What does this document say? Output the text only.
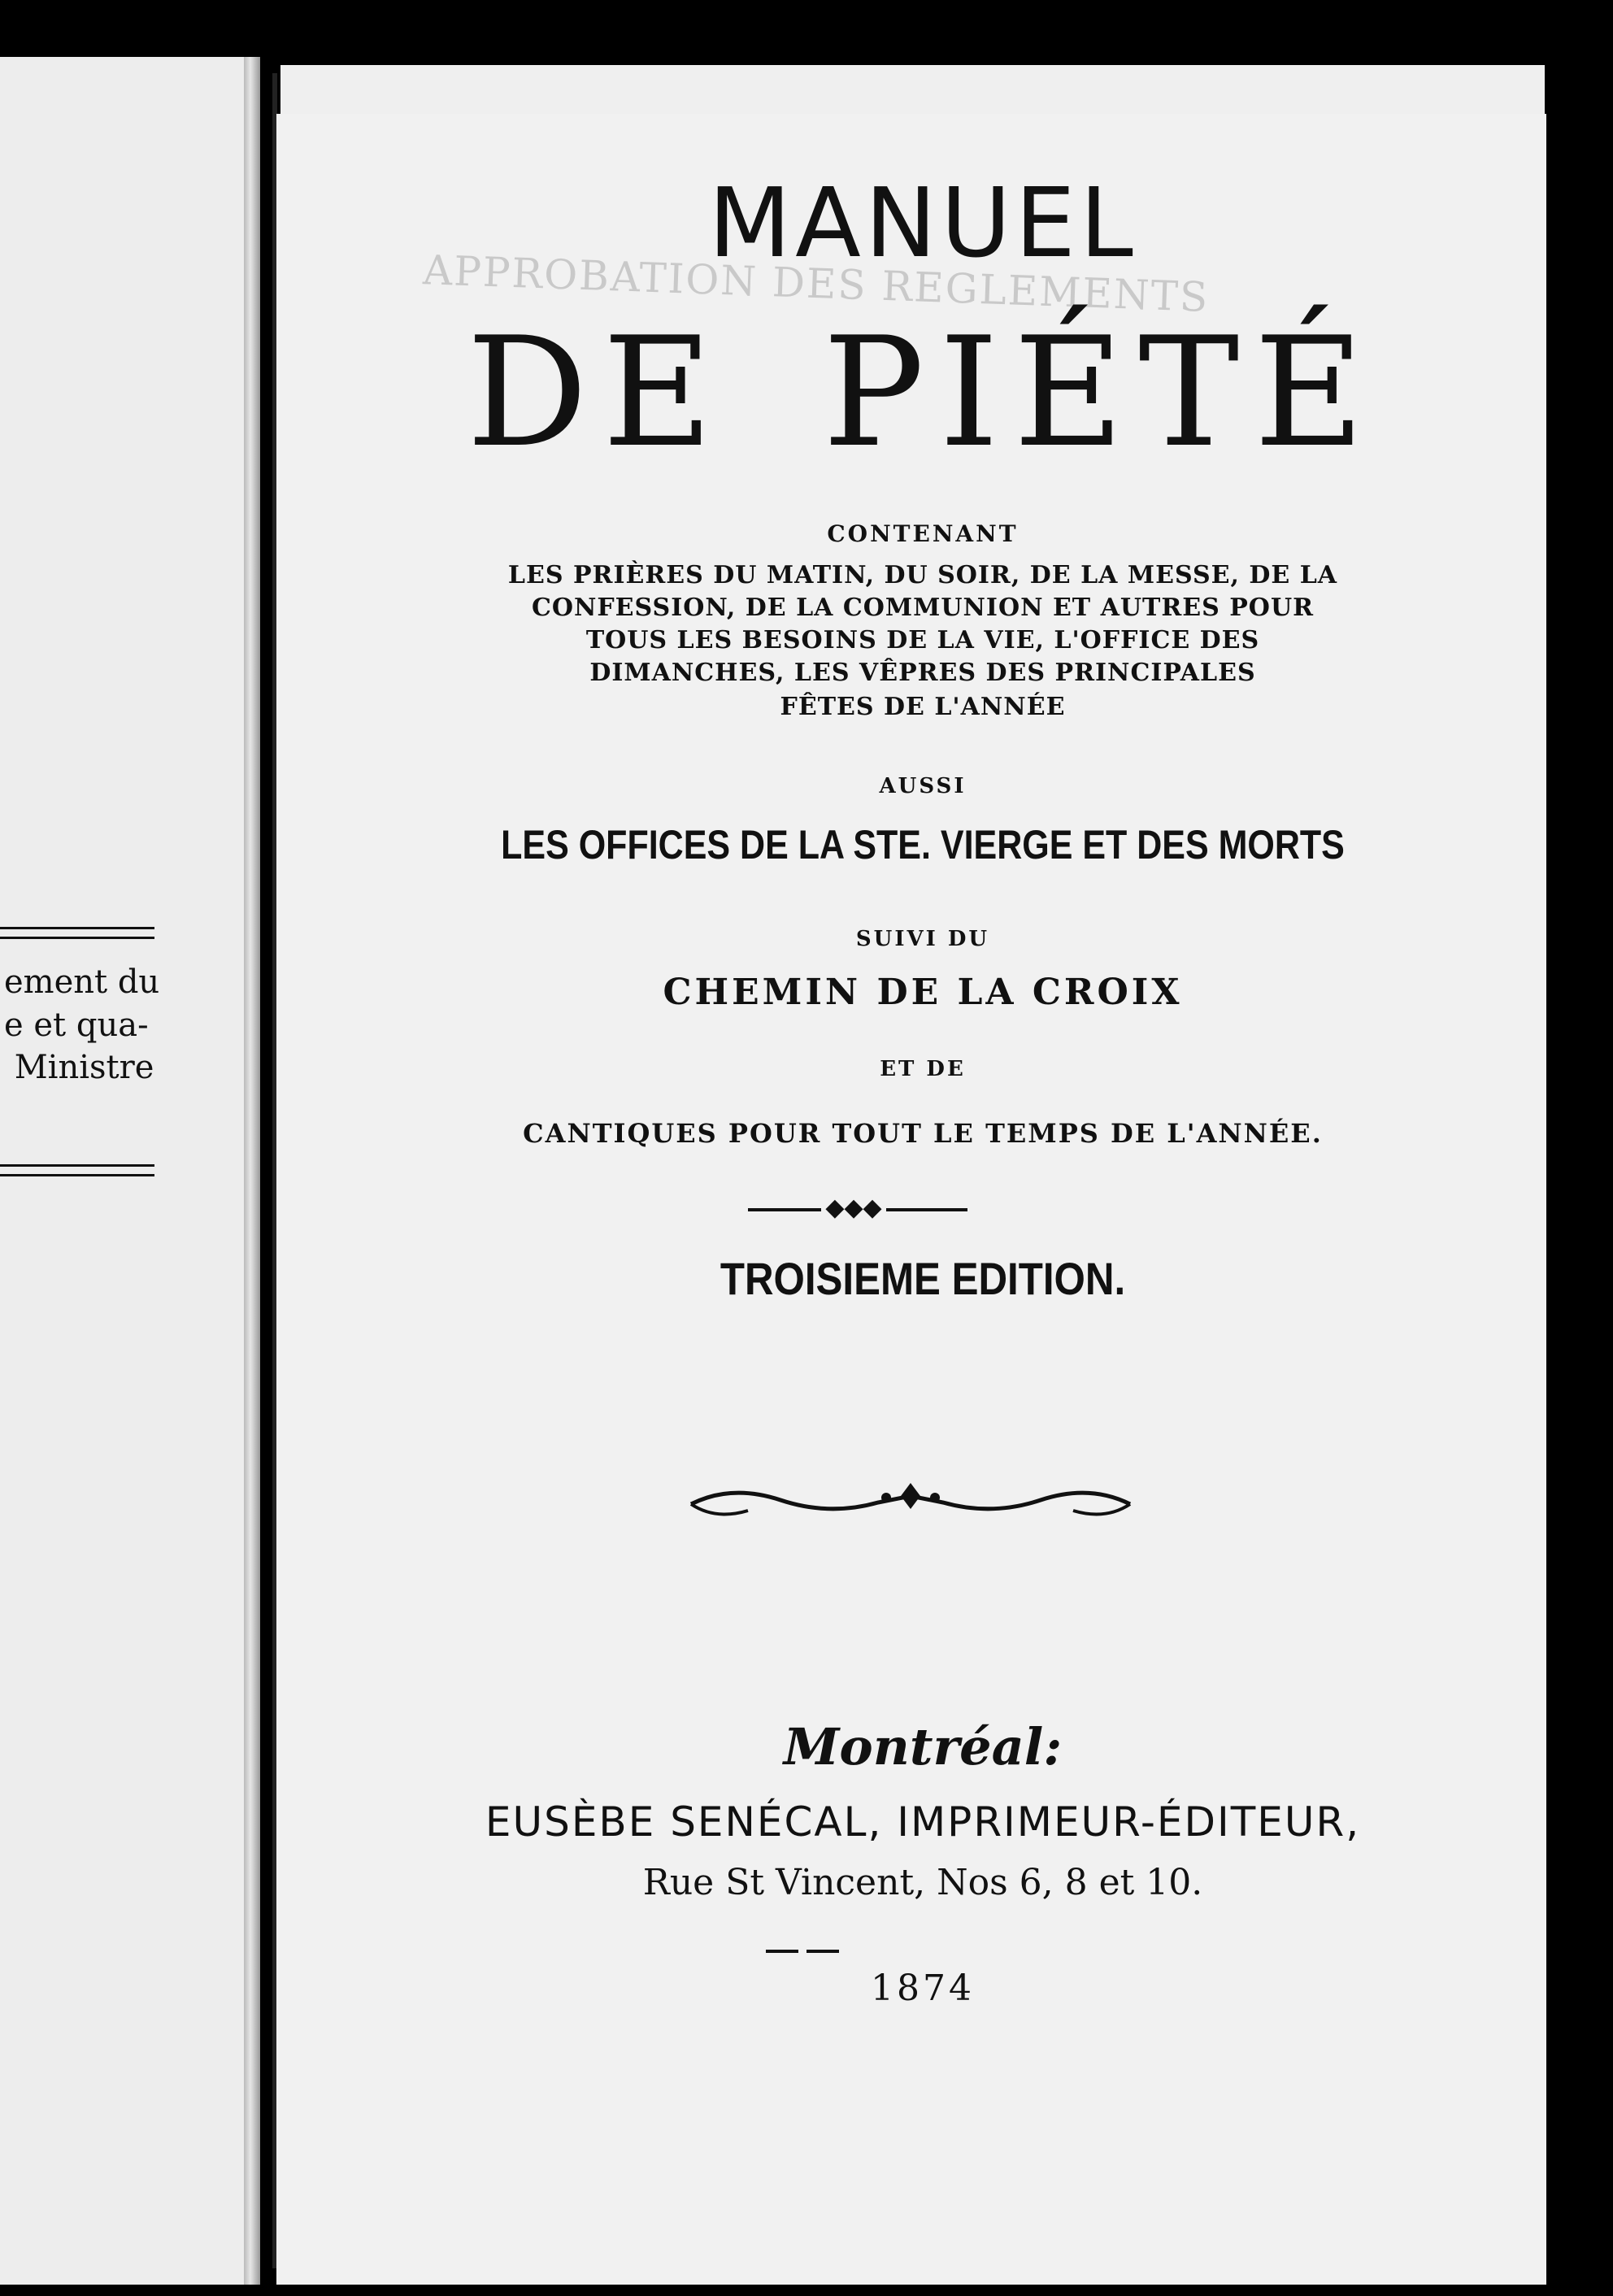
ement du
e et qua-
Ministre
APPROBATION DES REGLEMENTS
MANUEL
DE PIÉTÉ
CONTENANT
LES PRIÈRES DU MATIN, DU SOIR, DE LA MESSE, DE LA
CONFESSION, DE LA COMMUNION ET AUTRES POUR
TOUS LES BESOINS DE LA VIE, L'OFFICE DES
DIMANCHES, LES VÊPRES DES PRINCIPALES
FÊTES DE L'ANNÉE
AUSSI
LES OFFICES DE LA STE. VIERGE ET DES MORTS
SUIVI DU
CHEMIN DE LA CROIX
ET DE
CANTIQUES POUR TOUT LE TEMPS DE L'ANNÉE.
◆◆◆
TROISIEME EDITION.
Montréal:
EUSÈBE SENÉCAL, IMPRIMEUR-ÉDITEUR,
Rue St Vincent, Nos 6, 8 et 10.
1874
